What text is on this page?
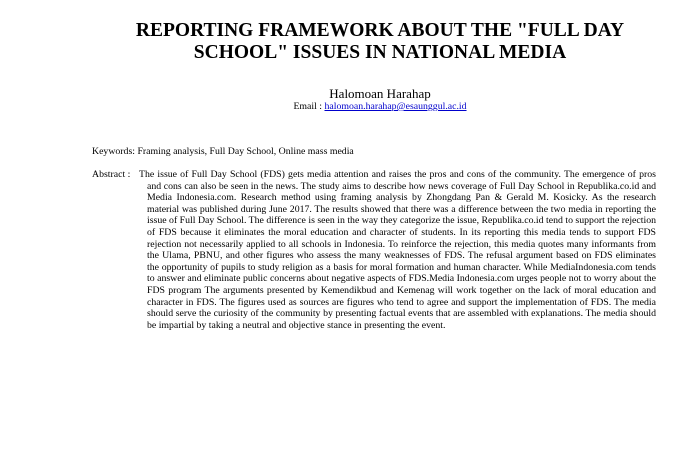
REPORTING FRAMEWORK ABOUT THE "FULL DAY
SCHOOL" ISSUES IN NATIONAL MEDIA
Halomoan Harahap
Email : halomoan.harahap@esaunggul.ac.id
Keywords: Framing analysis, Full Day School, Online mass media
Abstract : The issue of Full Day School (FDS) gets media attention and raises the pros and cons of the community. The emergence of pros and cons can also be seen in the news. The study aims to describe how news coverage of Full Day School in Republika.co.id and Media Indonesia.com. Research method using framing analysis by Zhongdang Pan & Gerald M. Kosicky. As the research material was published during June 2017. The results showed that there was a difference between the two media in reporting the issue of Full Day School. The difference is seen in the way they categorize the issue, Republika.co.id tend to support the rejection of FDS because it eliminates the moral education and character of students. In its reporting this media tends to support FDS rejection not necessarily applied to all schools in Indonesia. To reinforce the rejection, this media quotes many informants from the Ulama, PBNU, and other figures who assess the many weaknesses of FDS. The refusal argument based on FDS eliminates the opportunity of pupils to study religion as a basis for moral formation and human character. While MediaIndonesia.com tends to answer and eliminate public concerns about negative aspects of FDS.Media Indonesia.com urges people not to worry about the FDS program The arguments presented by Kemendikbud and Kemenag will work together on the lack of moral education and character in FDS. The figures used as sources are figures who tend to agree and support the implementation of FDS. The media should serve the curiosity of the community by presenting factual events that are assembled with explanations. The media should be impartial by taking a neutral and objective stance in presenting the event.
